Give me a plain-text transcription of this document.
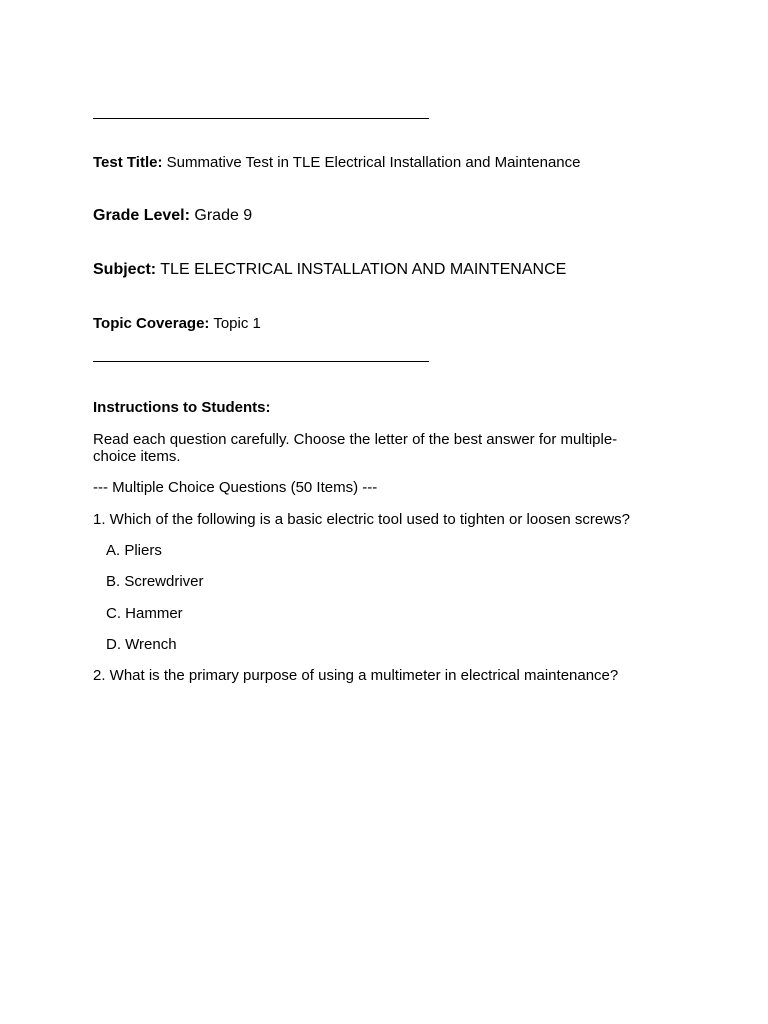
Test Title: Summative Test in TLE Electrical Installation and Maintenance
Grade Level: Grade 9
Subject: TLE ELECTRICAL INSTALLATION AND MAINTENANCE
Topic Coverage: Topic 1
Instructions to Students:
Read each question carefully. Choose the letter of the best answer for multiple-choice items.
--- Multiple Choice Questions (50 Items) ---
1. Which of the following is a basic electric tool used to tighten or loosen screws?
A. Pliers
B. Screwdriver
C. Hammer
D. Wrench
2. What is the primary purpose of using a multimeter in electrical maintenance?
